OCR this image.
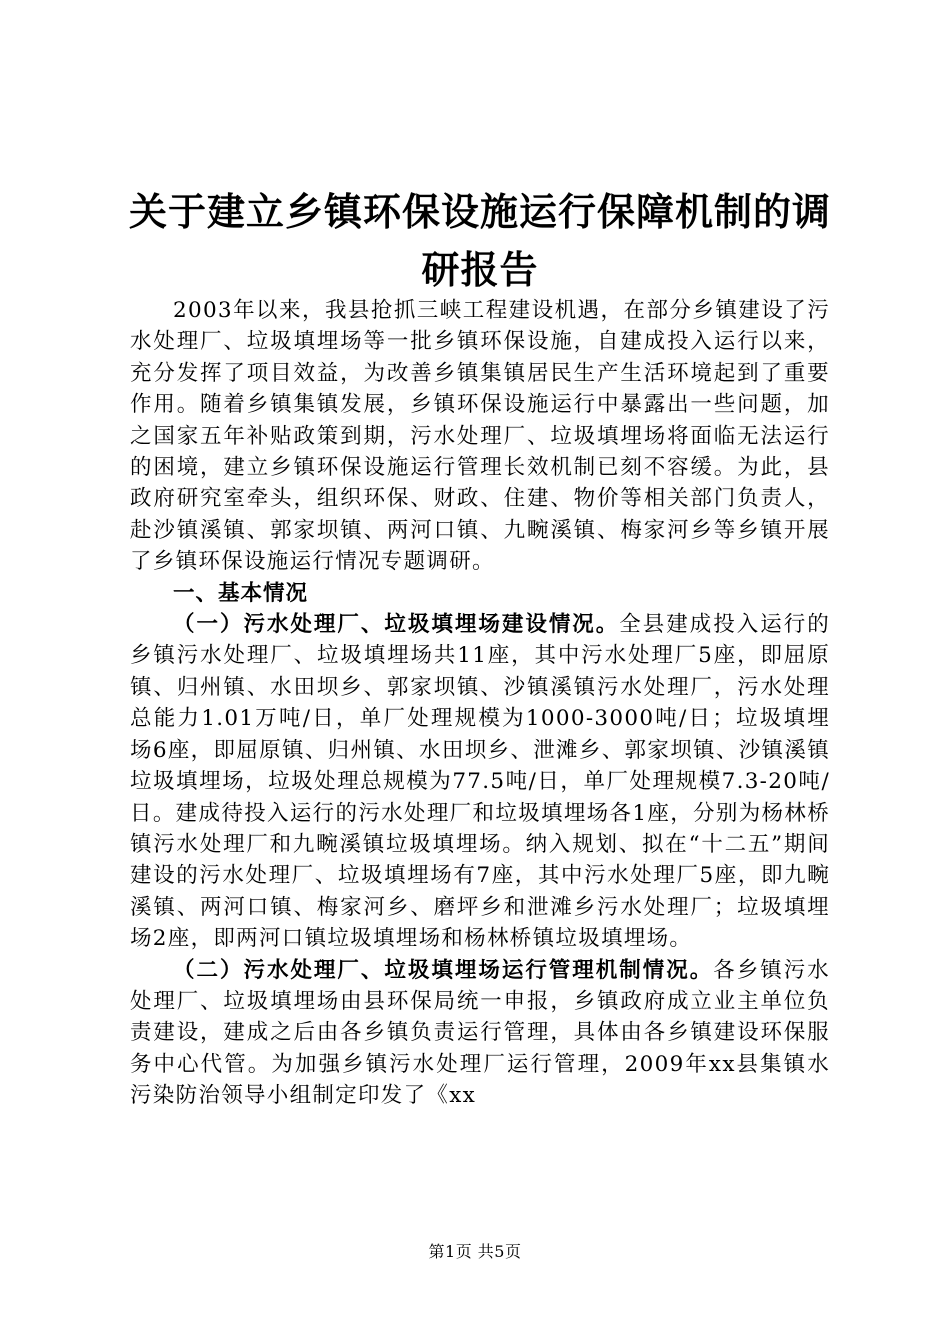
关于建立乡镇环保设施运行保障机制的调研报告

2003年以来，我县抢抓三峡工程建设机遇，在部分乡镇建设了污水处理厂、垃圾填埋场等一批乡镇环保设施，自建成投入运行以来，充分发挥了项目效益，为改善乡镇集镇居民生产生活环境起到了重要作用。随着乡镇集镇发展，乡镇环保设施运行中暴露出一些问题，加之国家五年补贴政策到期，污水处理厂、垃圾填埋场将面临无法运行的困境，建立乡镇环保设施运行管理长效机制已刻不容缓。为此，县政府研究室牵头，组织环保、财政、住建、物价等相关部门负责人，赴沙镇溪镇、郭家坝镇、两河口镇、九畹溪镇、梅家河乡等乡镇开展了乡镇环保设施运行情况专题调研。

一、基本情况

（一）污水处理厂、垃圾填埋场建设情况。全县建成投入运行的乡镇污水处理厂、垃圾填埋场共11座，其中污水处理厂5座，即屈原镇、归州镇、水田坝乡、郭家坝镇、沙镇溪镇污水处理厂，污水处理总能力1.01万吨/日，单厂处理规模为1000-3000吨/日；垃圾填埋场6座，即屈原镇、归州镇、水田坝乡、泄滩乡、郭家坝镇、沙镇溪镇垃圾填埋场，垃圾处理总规模为77.5吨/日，单厂处理规模7.3-20吨/日。建成待投入运行的污水处理厂和垃圾填埋场各1座，分别为杨林桥镇污水处理厂和九畹溪镇垃圾填埋场。纳入规划、拟在“十二五”期间建设的污水处理厂、垃圾填埋场有7座，其中污水处理厂5座，即九畹溪镇、两河口镇、梅家河乡、磨坪乡和泄滩乡污水处理厂；垃圾填埋场2座，即两河口镇垃圾填埋场和杨林桥镇垃圾填埋场。

（二）污水处理厂、垃圾填埋场运行管理机制情况。各乡镇污水处理厂、垃圾填埋场由县环保局统一申报，乡镇政府成立业主单位负责建设，建成之后由各乡镇负责运行管理，具体由各乡镇建设环保服务中心代管。为加强乡镇污水处理厂运行管理，2009年xx县集镇水污染防治领导小组制定印发了《xx

第1页 共5页
